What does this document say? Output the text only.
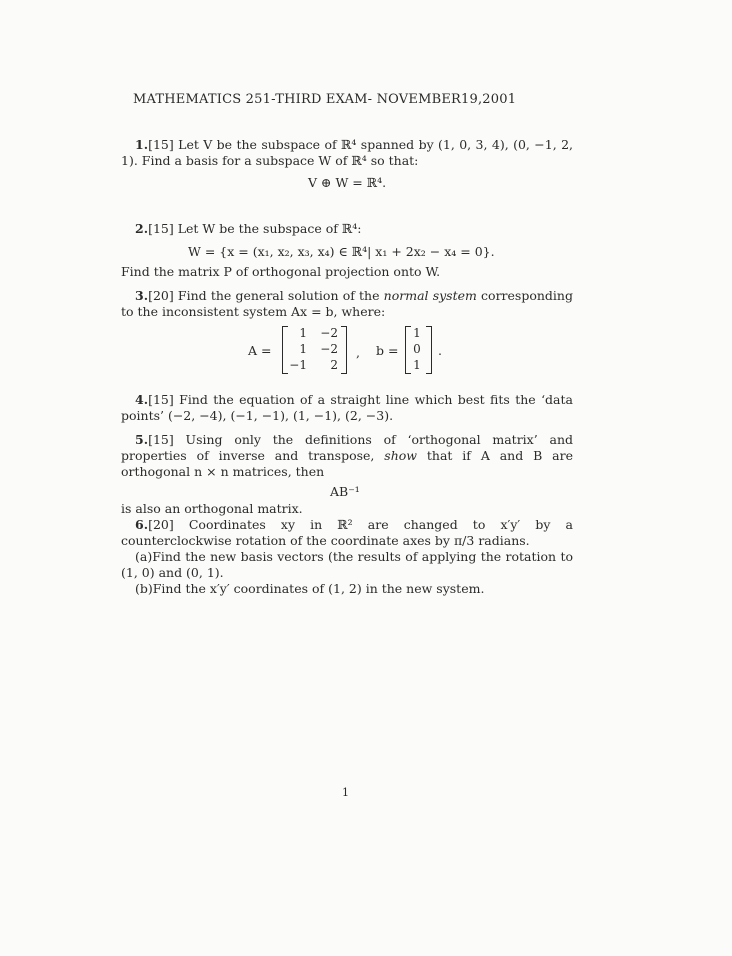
MATHEMATICS 251-THIRD EXAM- NOVEMBER19,2001
1.[15] Let V be the subspace of ℝ⁴ spanned by (1, 0, 3, 4), (0, −1, 2, 1). Find a basis for a subspace W of ℝ⁴ so that:
V ⊕ W = ℝ⁴.
2.[15] Let W be the subspace of ℝ⁴:
W = {x = (x₁, x₂, x₃, x₄) ∈ ℝ⁴| x₁ + 2x₂ − x₄ = 0}.
Find the matrix P of orthogonal projection onto W.
3.[20] Find the general solution of the normal system corresponding to the inconsistent system Ax = b, where:
A =
1 −2
1 −2
−1	2
, b =
1
0
1
.
4.[15] Find the equation of a straight line which best fits the ‘data points’ (−2, −4), (−1, −1), (1, −1), (2, −3).
5.[15] Using only the definitions of ‘orthogonal matrix’ and properties of inverse and transpose, show that if A and B are orthogonal n × n matrices, then
AB⁻¹
is also an orthogonal matrix.
6.[20] Coordinates xy in ℝ² are changed to x′y′ by a counterclockwise rotation of the coordinate axes by π/3 radians.
(a)Find the new basis vectors (the results of applying the rotation to (1, 0) and (0, 1).
(b)Find the x′y′ coordinates of (1, 2) in the new system.
1
